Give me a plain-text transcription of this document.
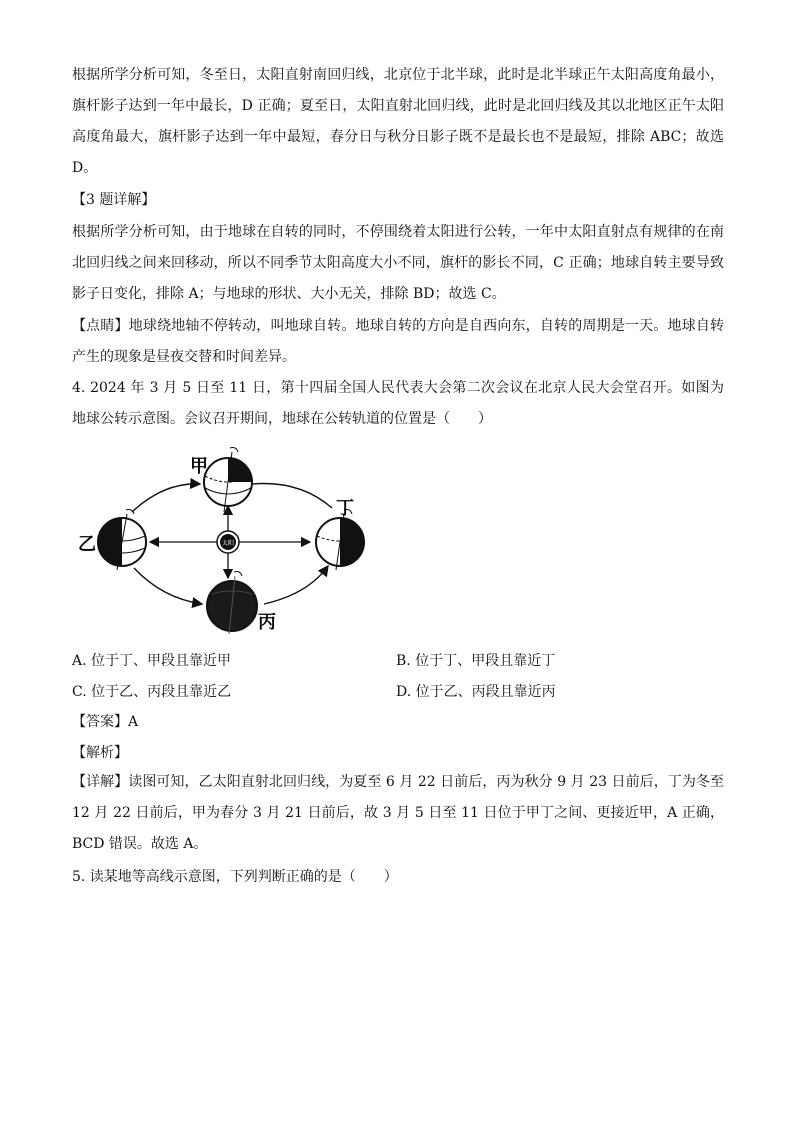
根据所学分析可知，冬至日，太阳直射南回归线，北京位于北半球，此时是北半球正午太阳高度角最小，旗杆影子达到一年中最长，D 正确；夏至日，太阳直射北回归线，此时是北回归线及其以北地区正午太阳高度角最大，旗杆影子达到一年中最短，春分日与秋分日影子既不是最长也不是最短，排除 ABC；故选 D。

【3 题详解】

根据所学分析可知，由于地球在自转的同时，不停围绕着太阳进行公转，一年中太阳直射点有规律的在南北回归线之间来回移动，所以不同季节太阳高度大小不同，旗杆的影长不同，C 正确；地球自转主要导致影子日变化，排除 A；与地球的形状、大小无关，排除 BD；故选 C。

【点睛】地球绕地轴不停转动，叫地球自转。地球自转的方向是自西向东，自转的周期是一天。地球自转产生的现象是昼夜交替和时间差异。

4. 2024 年 3 月 5 日至 11 日，第十四届全国人民代表大会第二次会议在北京人民大会堂召开。如图为地球公转示意图。会议召开期间，地球在公转轨道的位置是（　　）

太阳
甲
乙
丁
丙
A. 位于丁、甲段且靠近甲	B. 位于丁、甲段且靠近丁
C. 位于乙、丙段且靠近乙	D. 位于乙、丙段且靠近丙

【答案】A

【解析】

【详解】读图可知，乙太阳直射北回归线，为夏至 6 月 22 日前后，丙为秋分 9 月 23 日前后，丁为冬至 12 月 22 日前后，甲为春分 3 月 21 日前后，故 3 月 5 日至 11 日位于甲丁之间、更接近甲，A 正确，BCD 错误。故选 A。

5. 读某地等高线示意图，下列判断正确的是（　　）
